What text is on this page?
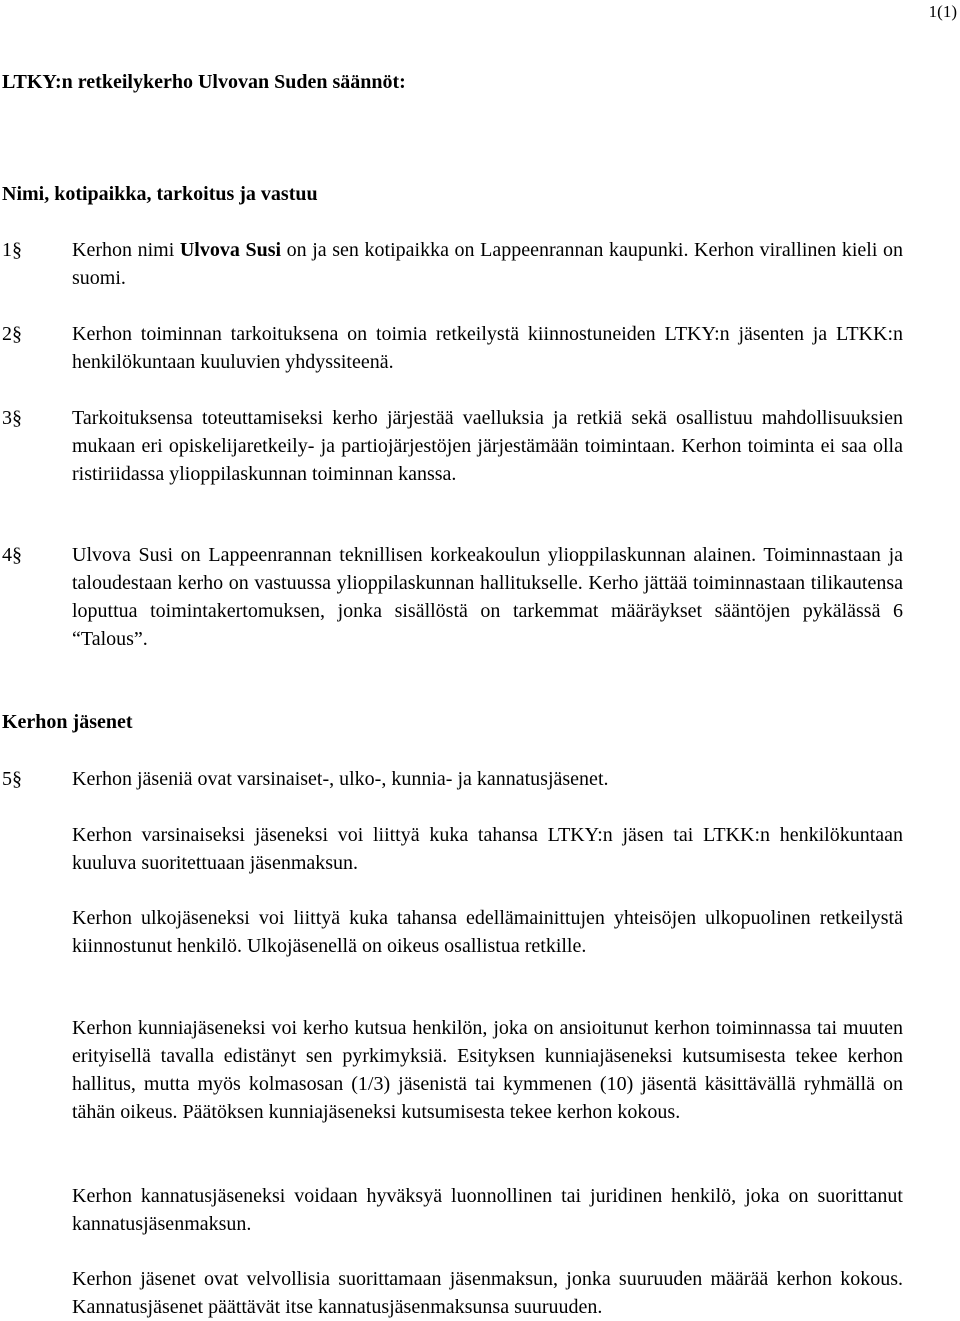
1(1)
LTKY:n retkeilykerho Ulvovan Suden säännöt:
Nimi, kotipaikka, tarkoitus ja vastuu
1§	Kerhon nimi Ulvova Susi on ja sen kotipaikka on Lappeenrannan kaupunki. Kerhon virallinen kieli on suomi.
2§	Kerhon toiminnan tarkoituksena on toimia retkeilystä kiinnostuneiden LTKY:n jäsenten ja LTKK:n henkilökuntaan kuuluvien yhdyssiteenä.
3§	Tarkoituksensa toteuttamiseksi kerho järjestää vaelluksia ja retkiä sekä osallistuu mahdollisuuksien mukaan eri opiskelijaretkeily- ja partiojärjestöjen järjestämään toimintaan. Kerhon toiminta ei saa olla ristiriidassa ylioppilaskunnan toiminnan kanssa.
4§	Ulvova Susi on Lappeenrannan teknillisen korkeakoulun ylioppilaskunnan alainen. Toiminnastaan ja taloudestaan kerho on vastuussa ylioppilaskunnan hallitukselle. Kerho jättää toiminnastaan tilikautensa loputtua toimintakertomuksen, jonka sisällöstä on tarkemmat määräykset sääntöjen pykälässä 6 “Talous”.
Kerhon jäsenet
5§	Kerhon jäseniä ovat varsinaiset-, ulko-, kunnia- ja kannatusjäsenet.
Kerhon varsinaiseksi jäseneksi voi liittyä kuka tahansa LTKY:n jäsen tai LTKK:n henkilökuntaan kuuluva suoritettuaan jäsenmaksun.
Kerhon ulkojäseneksi voi liittyä kuka tahansa edellämainittujen yhteisöjen ulkopuolinen retkeilystä kiinnostunut henkilö. Ulkojäsenellä on oikeus osallistua retkille.
Kerhon kunniajäseneksi voi kerho kutsua henkilön, joka on ansioitunut kerhon toiminnassa tai muuten erityisellä tavalla edistänyt sen pyrkimyksiä. Esityksen kunniajäseneksi kutsumisesta tekee kerhon hallitus, mutta myös kolmasosan (1/3) jäsenistä tai kymmenen (10) jäsentä käsittävällä ryhmällä on tähän oikeus. Päätöksen kunniajäseneksi kutsumisesta tekee kerhon kokous.
Kerhon kannatusjäseneksi voidaan hyväksyä luonnollinen tai juridinen henkilö, joka on suorittanut kannatusjäsenmaksun.
Kerhon jäsenet ovat velvollisia suorittamaan jäsenmaksun, jonka suuruuden määrää kerhon kokous. Kannatusjäsenet päättävät itse kannatusjäsenmaksunsa suuruuden.
